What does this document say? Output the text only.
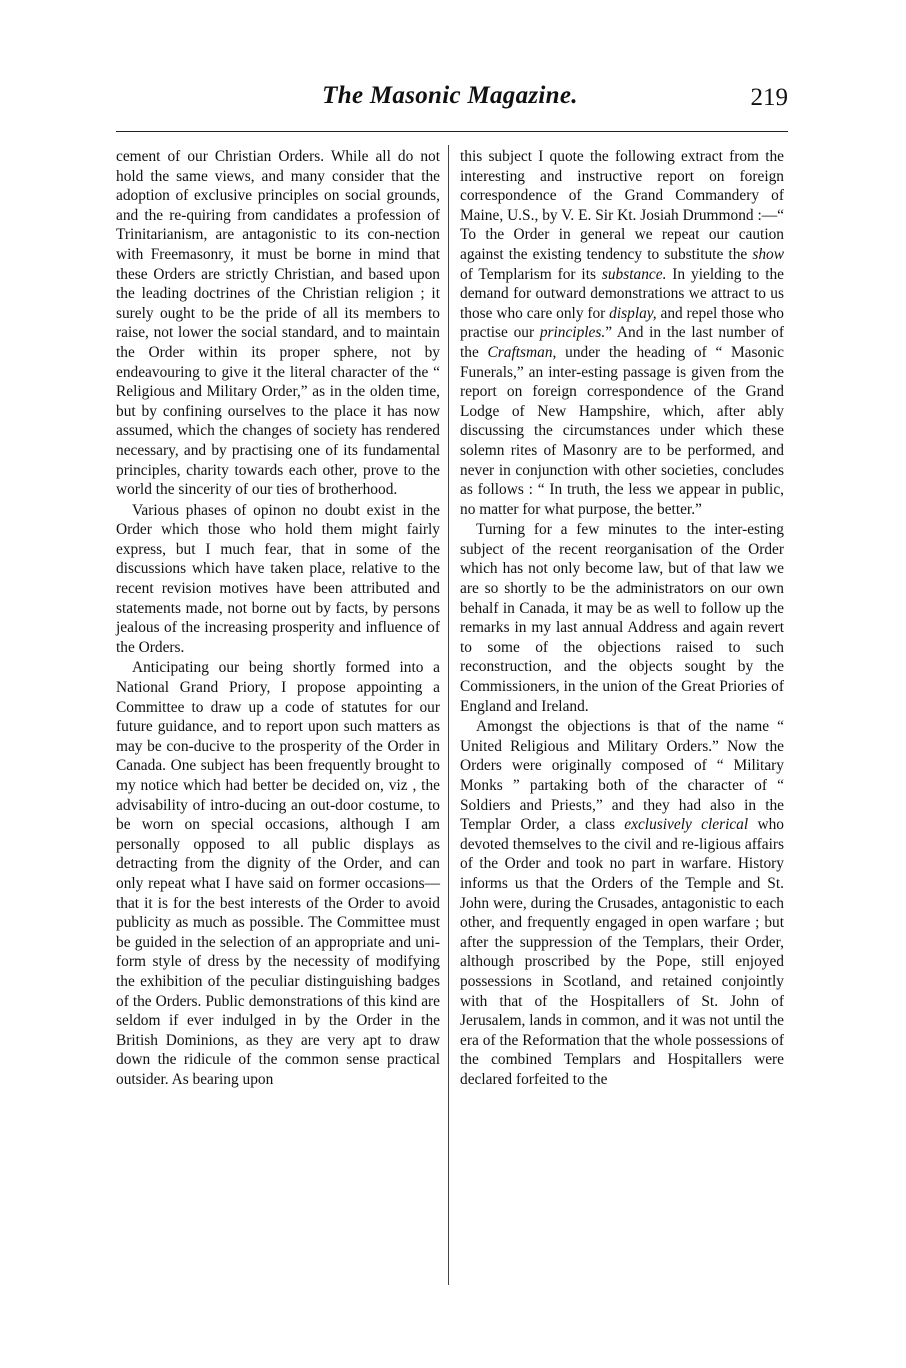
The Masonic Magazine.	219

cement of our Christian Orders. While all do not hold the same views, and many consider that the adoption of exclusive principles on social grounds, and the re-quiring from candidates a profession of Trinitarianism, are antagonistic to its con-nection with Freemasonry, it must be borne in mind that these Orders are strictly Christian, and based upon the leading doctrines of the Christian religion ; it surely ought to be the pride of all its members to raise, not lower the social standard, and to maintain the Order within its proper sphere, not by endeavouring to give it the literal character of the “ Religious and Military Order,” as in the olden time, but by confining ourselves to the place it has now assumed, which the changes of society has rendered necessary, and by practising one of its fundamental principles, charity towards each other, prove to the world the sincerity of our ties of brotherhood.

Various phases of opinon no doubt exist in the Order which those who hold them might fairly express, but I much fear, that in some of the discussions which have taken place, relative to the recent revision motives have been attributed and statements made, not borne out by facts, by persons jealous of the increasing prosperity and influence of the Orders.

Anticipating our being shortly formed into a National Grand Priory, I propose appointing a Committee to draw up a code of statutes for our future guidance, and to report upon such matters as may be con-ducive to the prosperity of the Order in Canada. One subject has been frequently brought to my notice which had better be decided on, viz , the advisability of intro-ducing an out-door costume, to be worn on special occasions, although I am personally opposed to all public displays as detracting from the dignity of the Order, and can only repeat what I have said on former occasions—that it is for the best interests of the Order to avoid publicity as much as possible. The Committee must be guided in the selection of an appropriate and uni-form style of dress by the necessity of modifying the exhibition of the peculiar distinguishing badges of the Orders. Public demonstrations of this kind are seldom if ever indulged in by the Order in the British Dominions, as they are very apt to draw down the ridicule of the common sense practical outsider. As bearing upon

this subject I quote the following extract from the interesting and instructive report on foreign correspondence of the Grand Commandery of Maine, U.S., by V. E. Sir Kt. Josiah Drummond :—“ To the Order in general we repeat our caution against the existing tendency to substitute the show of Templarism for its substance. In yielding to the demand for outward demonstrations we attract to us those who care only for display, and repel those who practise our principles.” And in the last number of the Craftsman, under the heading of “ Masonic Funerals,” an inter-esting passage is given from the report on foreign correspondence of the Grand Lodge of New Hampshire, which, after ably discussing the circumstances under which these solemn rites of Masonry are to be performed, and never in conjunction with other societies, concludes as follows : “ In truth, the less we appear in public, no matter for what purpose, the better.”

Turning for a few minutes to the inter-esting subject of the recent reorganisation of the Order which has not only become law, but of that law we are so shortly to be the administrators on our own behalf in Canada, it may be as well to follow up the remarks in my last annual Address and again revert to some of the objections raised to such reconstruction, and the objects sought by the Commissioners, in the union of the Great Priories of England and Ireland.

Amongst the objections is that of the name “ United Religious and Military Orders.” Now the Orders were originally composed of “ Military Monks ” partaking both of the character of “ Soldiers and Priests,” and they had also in the Templar Order, a class exclusively clerical who devoted themselves to the civil and re-ligious affairs of the Order and took no part in warfare. History informs us that the Orders of the Temple and St. John were, during the Crusades, antagonistic to each other, and frequently engaged in open warfare ; but after the suppression of the Templars, their Order, although proscribed by the Pope, still enjoyed possessions in Scotland, and retained conjointly with that of the Hospitallers of St. John of Jerusalem, lands in common, and it was not until the era of the Reformation that the whole possessions of the combined Templars and Hospitallers were declared forfeited to the
